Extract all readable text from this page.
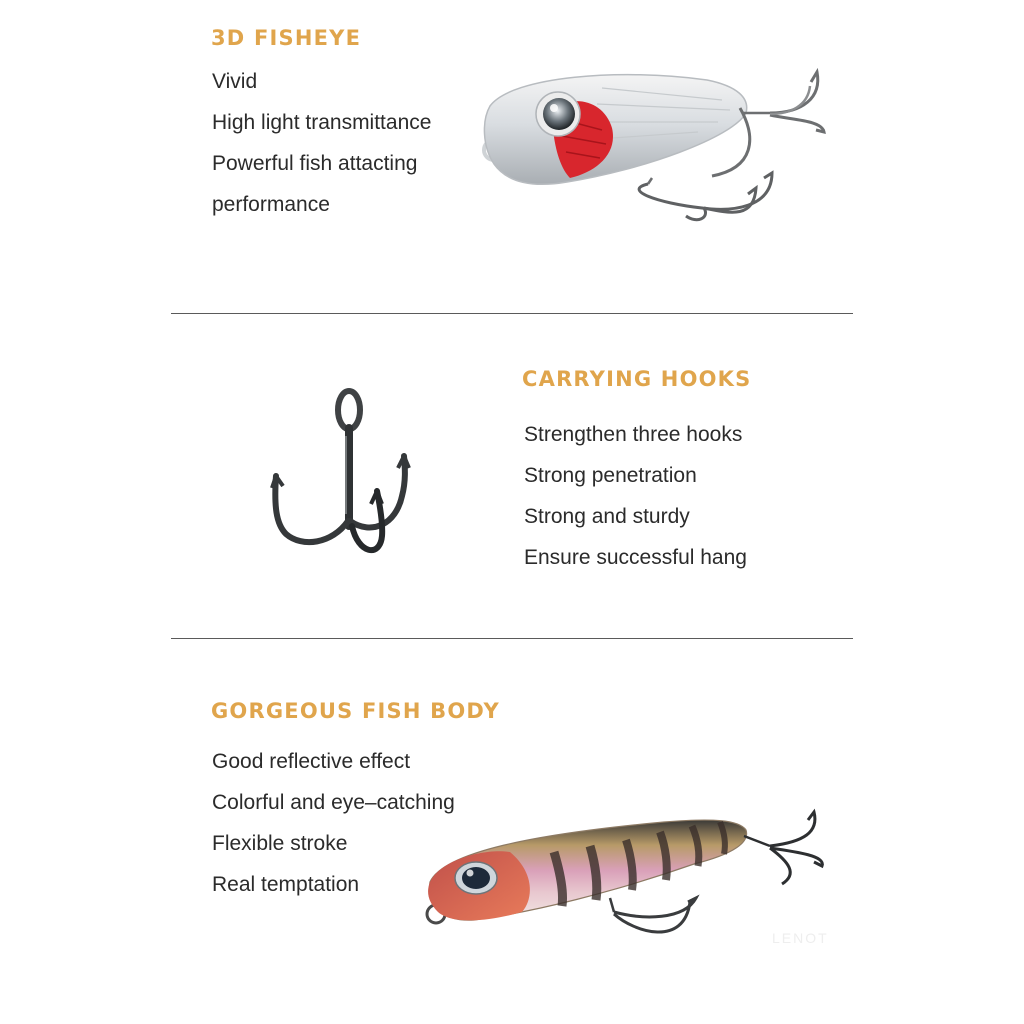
3D FISHEYE
Vivid
High light transmittance
Powerful fish attacting
performance
CARRYING HOOKS
Strengthen three hooks
Strong penetration
Strong and sturdy
Ensure successful hang
GORGEOUS FISH BODY
Good reflective effect
Colorful and eye–catching
Flexible stroke
Real temptation
LENOT
